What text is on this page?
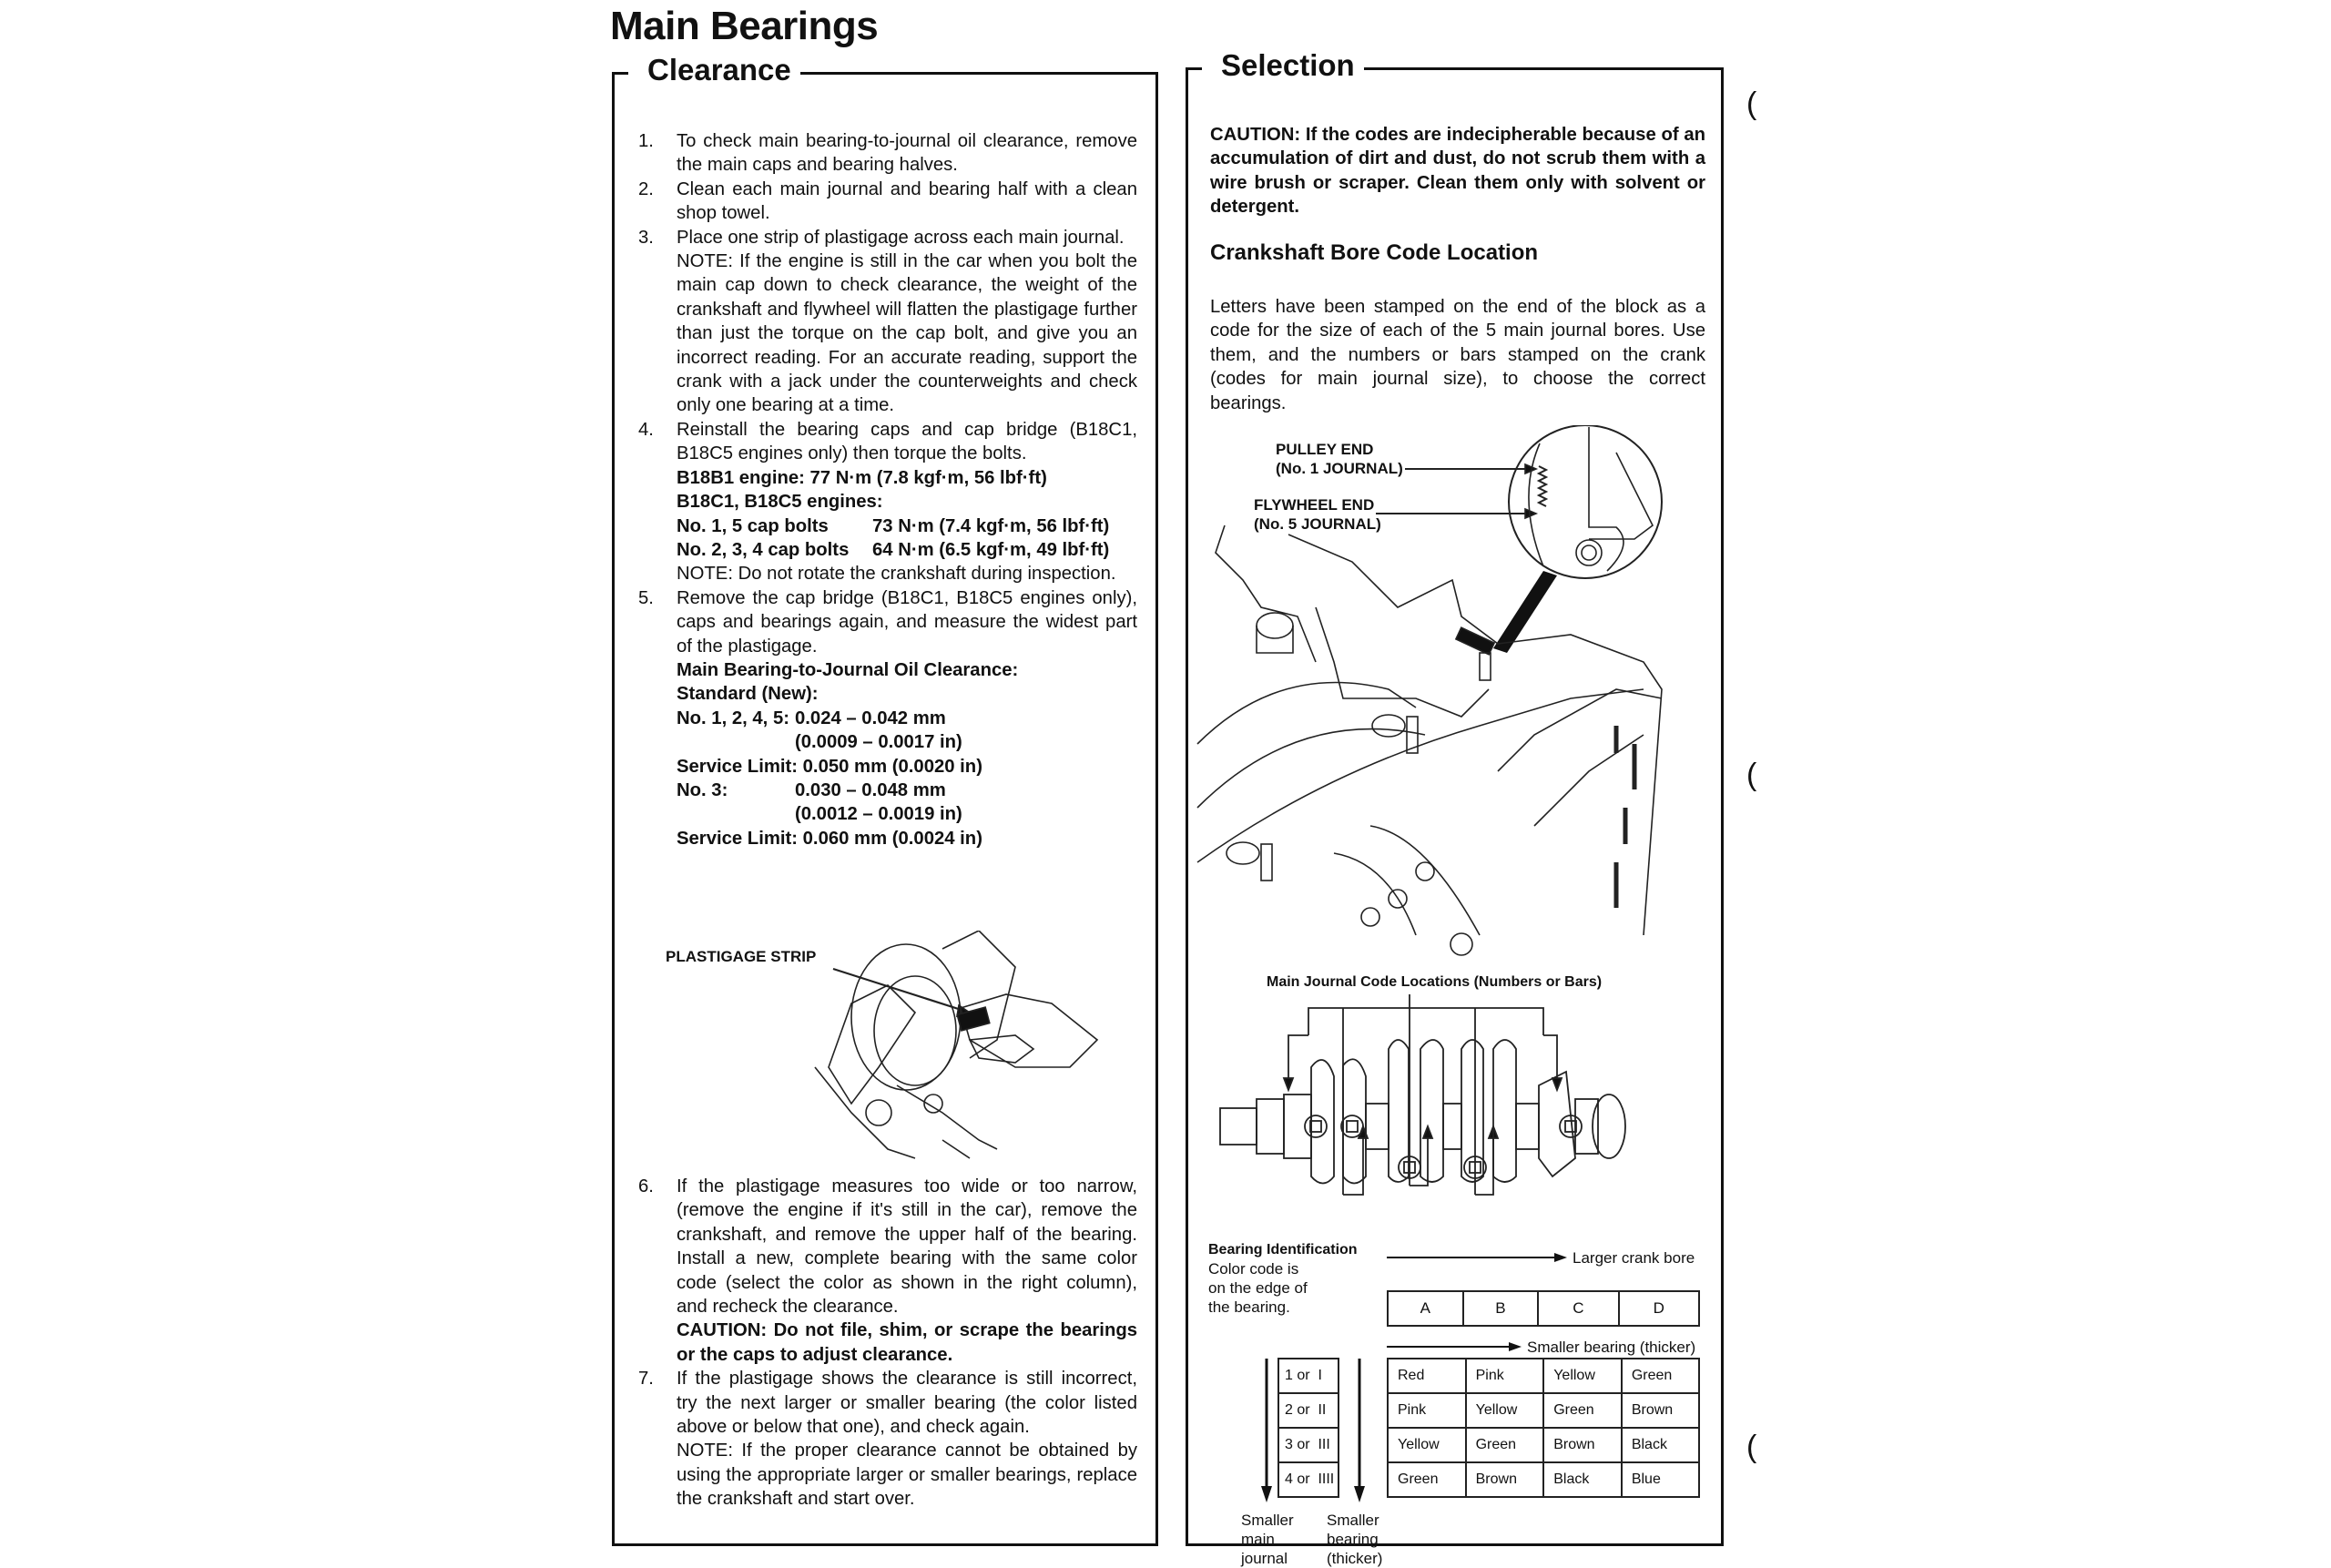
Main Bearings
Clearance
1. To check main bearing-to-journal oil clearance, remove the main caps and bearing halves.
2. Clean each main journal and bearing half with a clean shop towel.
3. Place one strip of plastigage across each main journal.
NOTE: If the engine is still in the car when you bolt the main cap down to check clearance, the weight of the crankshaft and flywheel will flatten the plastigage further than just the torque on the cap bolt, and give you an incorrect reading. For an accurate reading, support the crank with a jack under the counterweights and check only one bearing at a time.
4. Reinstall the bearing caps and cap bridge (B18C1, B18C5 engines only) then torque the bolts.
B18B1 engine: 77 N·m (7.8 kgf·m, 56 lbf·ft)
B18C1, B18C5 engines:
No. 1, 5 cap bolts	73 N·m (7.4 kgf·m, 56 lbf·ft)
No. 2, 3, 4 cap bolts	64 N·m (6.5 kgf·m, 49 lbf·ft)
NOTE: Do not rotate the crankshaft during inspection.
5. Remove the cap bridge (B18C1, B18C5 engines only), caps and bearings again, and measure the widest part of the plastigage.
Main Bearing-to-Journal Oil Clearance:
Standard (New):
No. 1, 2, 4, 5: 0.024 – 0.042 mm
(0.0009 – 0.0017 in)
Service Limit:
0.050 mm (0.0020 in)
No. 3:	0.030 – 0.048 mm
(0.0012 – 0.0019 in)
Service Limit:
0.060 mm (0.0024 in)
PLASTIGAGE STRIP
6. If the plastigage measures too wide or too narrow, (remove the engine if it's still in the car), remove the crankshaft, and remove the upper half of the bearing. Install a new, complete bearing with the same color code (select the color as shown in the right column), and recheck the clearance.
CAUTION: Do not file, shim, or scrape the bearings or the caps to adjust clearance.
7. If the plastigage shows the clearance is still incorrect, try the next larger or smaller bearing (the color listed above or below that one), and check again.
NOTE: If the proper clearance cannot be obtained by using the appropriate larger or smaller bearings, replace the crankshaft and start over.
Selection
CAUTION: If the codes are indecipherable because of an accumulation of dirt and dust, do not scrub them with a wire brush or scraper. Clean them only with solvent or detergent.
Crankshaft Bore Code Location
Letters have been stamped on the end of the block as a code for the size of each of the 5 main journal bores. Use them, and the numbers or bars stamped on the crank (codes for main journal size), to choose the correct bearings.
PULLEY END
(No. 1 JOURNAL)
FLYWHEEL END
(No. 5 JOURNAL)
Main Journal Code Locations (Numbers or Bars)
Bearing Identification
Color code is
on the edge of
the bearing.
Larger crank bore
A	B	C	D
Smaller bearing (thicker)
1 or  I
2 or  II
3 or  III
4 or  IIII
Red	Pink	Yellow	Green
Pink	Yellow	Green	Brown
Yellow	Green	Brown	Black
Green	Brown	Black	Blue
Smaller
main
journal
Smaller
bearing
(thicker)
(
(
(
